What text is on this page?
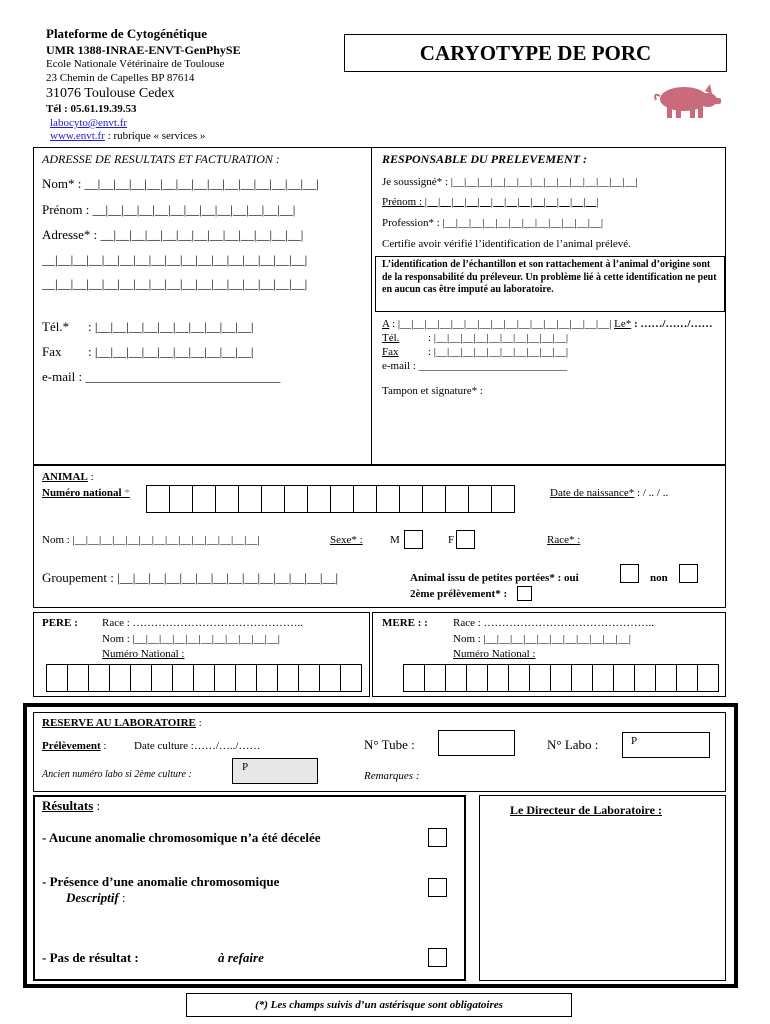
Plateforme de Cytogénétique
UMR 1388-INRAE-ENVT-GenPhySE
Ecole Nationale Vétérinaire de Toulouse
23 Chemin de Capelles BP 87614
31076 Toulouse Cedex
Tél : 05.61.19.39.53
labocyto@envt.fr
www.envt.fr : rubrique « services »
CARYOTYPE DE PORC
ADRESSE DE RESULTATS ET FACTURATION :
Nom* : __|__|__|__|__|__|__|__|__|__|__|__|__|__|__|
Prénom : __|__|__|__|__|__|__|__|__|__|__|__|__|
Adresse* : __|__|__|__|__|__|__|__|__|__|__|__|__|
__|__|__|__|__|__|__|__|__|__|__|__|__|__|__|__|__|
__|__|__|__|__|__|__|__|__|__|__|__|__|__|__|__|__|
Tél.* : |__|__|__|__|__|__|__|__|__|__|
Fax : |__|__|__|__|__|__|__|__|__|__|
e-mail : ______________________________
RESPONSABLE DU PRELEVEMENT :
Je soussigné* : |__|__|__|__|__|__|__|__|__|__|__|__|__|__|
Prénom : |__|__|__|__|__|__|__|__|__|__|__|__|__|
Profession* : |__|__|__|__|__|__|__|__|__|__|__|__|
Certifie avoir vérifié l’identification de l’animal prélevé.
L’identification de l’échantillon et son rattachement à l’animal d’origine sont de la responsabilité du préleveur. Un problème lié à cette identification ne peut en aucun cas être imputé au laboratoire.
A : |__|__|__|__|__|__|__|__|__|__|__|__|__|__|__|__| Le* : ……/……/……
Tél.	: |__|__|__|__|__|__|__|__|__|__|
Fax	: |__|__|__|__|__|__|__|__|__|__|
e-mail : ___________________________
Tampon et signature* :
ANIMAL :
Numéro national *	Date de naissance* : / .. / ..
Nom : |__|__|__|__|__|__|__|__|__|__|__|__|__|__|	Sexe* : M	F	Race* :
Groupement : |__|__|__|__|__|__|__|__|__|__|__|__|__|__|	Animal issu de petites portées* : oui	non
2ème prélèvement* :
PERE : Race : ………………………………………..
Nom : |__|__|__|__|__|__|__|__|__|__|__|
Numéro National :
MERE : : Race : ………………………………………..
Nom : |__|__|__|__|__|__|__|__|__|__|__|
Numéro National :
RESERVE AU LABORATOIRE :
Prélèvement :	Date culture :……/…../……	N° Tube :	N° Labo :	P
Ancien numéro labo si 2ème culture :
P
Remarques :
Résultats :
- Aucune anomalie chromosomique n’a été décelée
- Présence d’une anomalie chromosomique
Descriptif :
- Pas de résultat :	à refaire
Le Directeur de Laboratoire :
(*) Les champs suivis d’un astérisque sont obligatoires
